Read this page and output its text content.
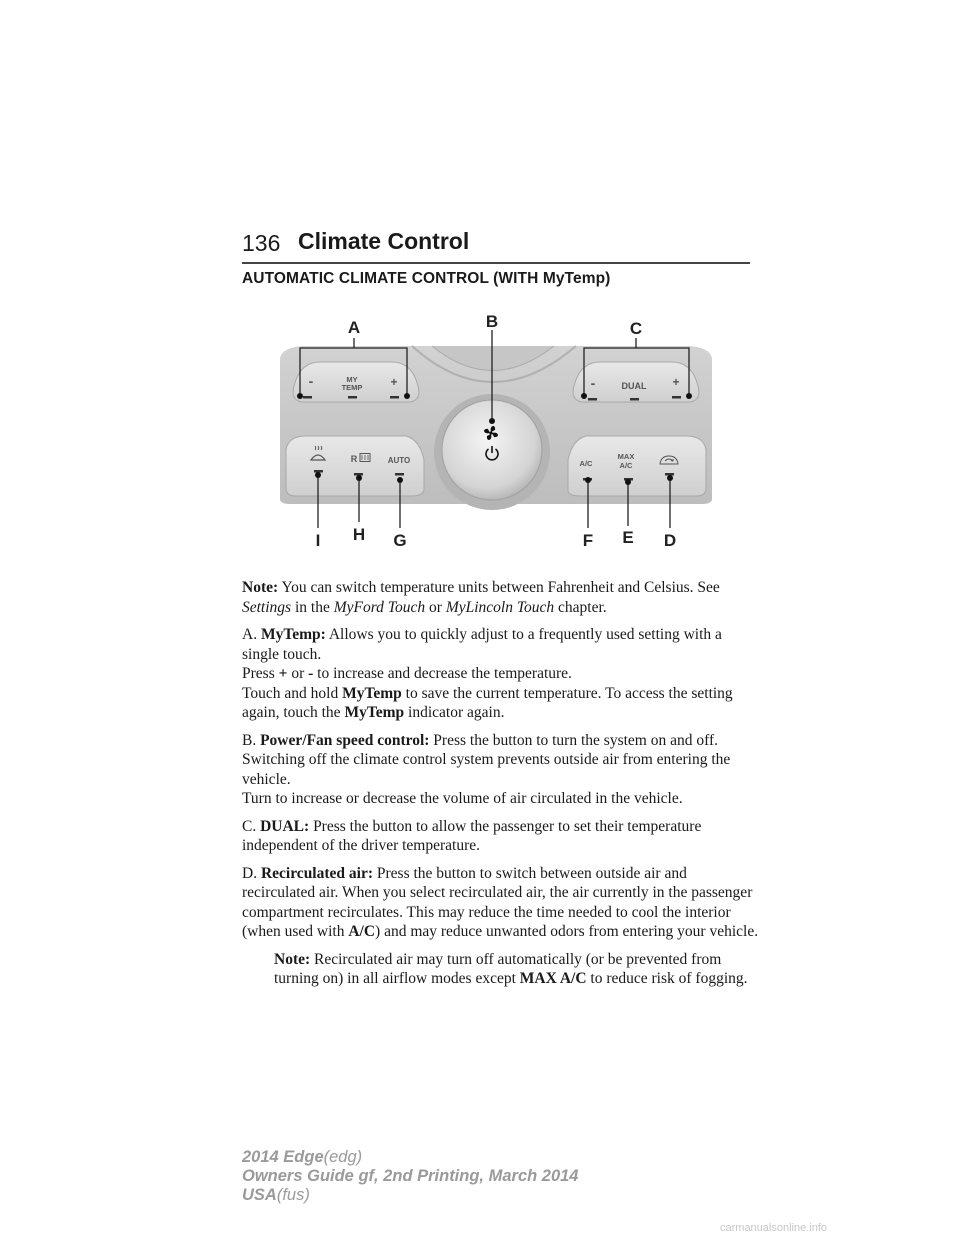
136 Climate Control
AUTOMATIC CLIMATE CONTROL (WITH MyTemp)
-	MY
TEMP +	-	DUAL +
R	AUTO	A/C
MAX
A/C
A	B	C
I H G	F E D

Note: You can switch temperature units between Fahrenheit and Celsius. See Settings in the MyFord Touch or MyLincoln Touch chapter.

A. MyTemp: Allows you to quickly adjust to a frequently used setting with a single touch.
Press + or - to increase and decrease the temperature.
Touch and hold MyTemp to save the current temperature. To access the setting again, touch the MyTemp indicator again.

B. Power/Fan speed control: Press the button to turn the system on and off. Switching off the climate control system prevents outside air from entering the vehicle.
Turn to increase or decrease the volume of air circulated in the vehicle.

C. DUAL: Press the button to allow the passenger to set their temperature independent of the driver temperature.

D. Recirculated air: Press the button to switch between outside air and recirculated air. When you select recirculated air, the air currently in the passenger compartment recirculates. This may reduce the time needed to cool the interior (when used with A/C) and may reduce unwanted odors from entering your vehicle.

Note: Recirculated air may turn off automatically (or be prevented from turning on) in all airflow modes except MAX A/C to reduce risk of fogging.

2014 Edge(edg)
Owners Guide gf, 2nd Printing, March 2014
USA(fus)
carmanualsonline.info
